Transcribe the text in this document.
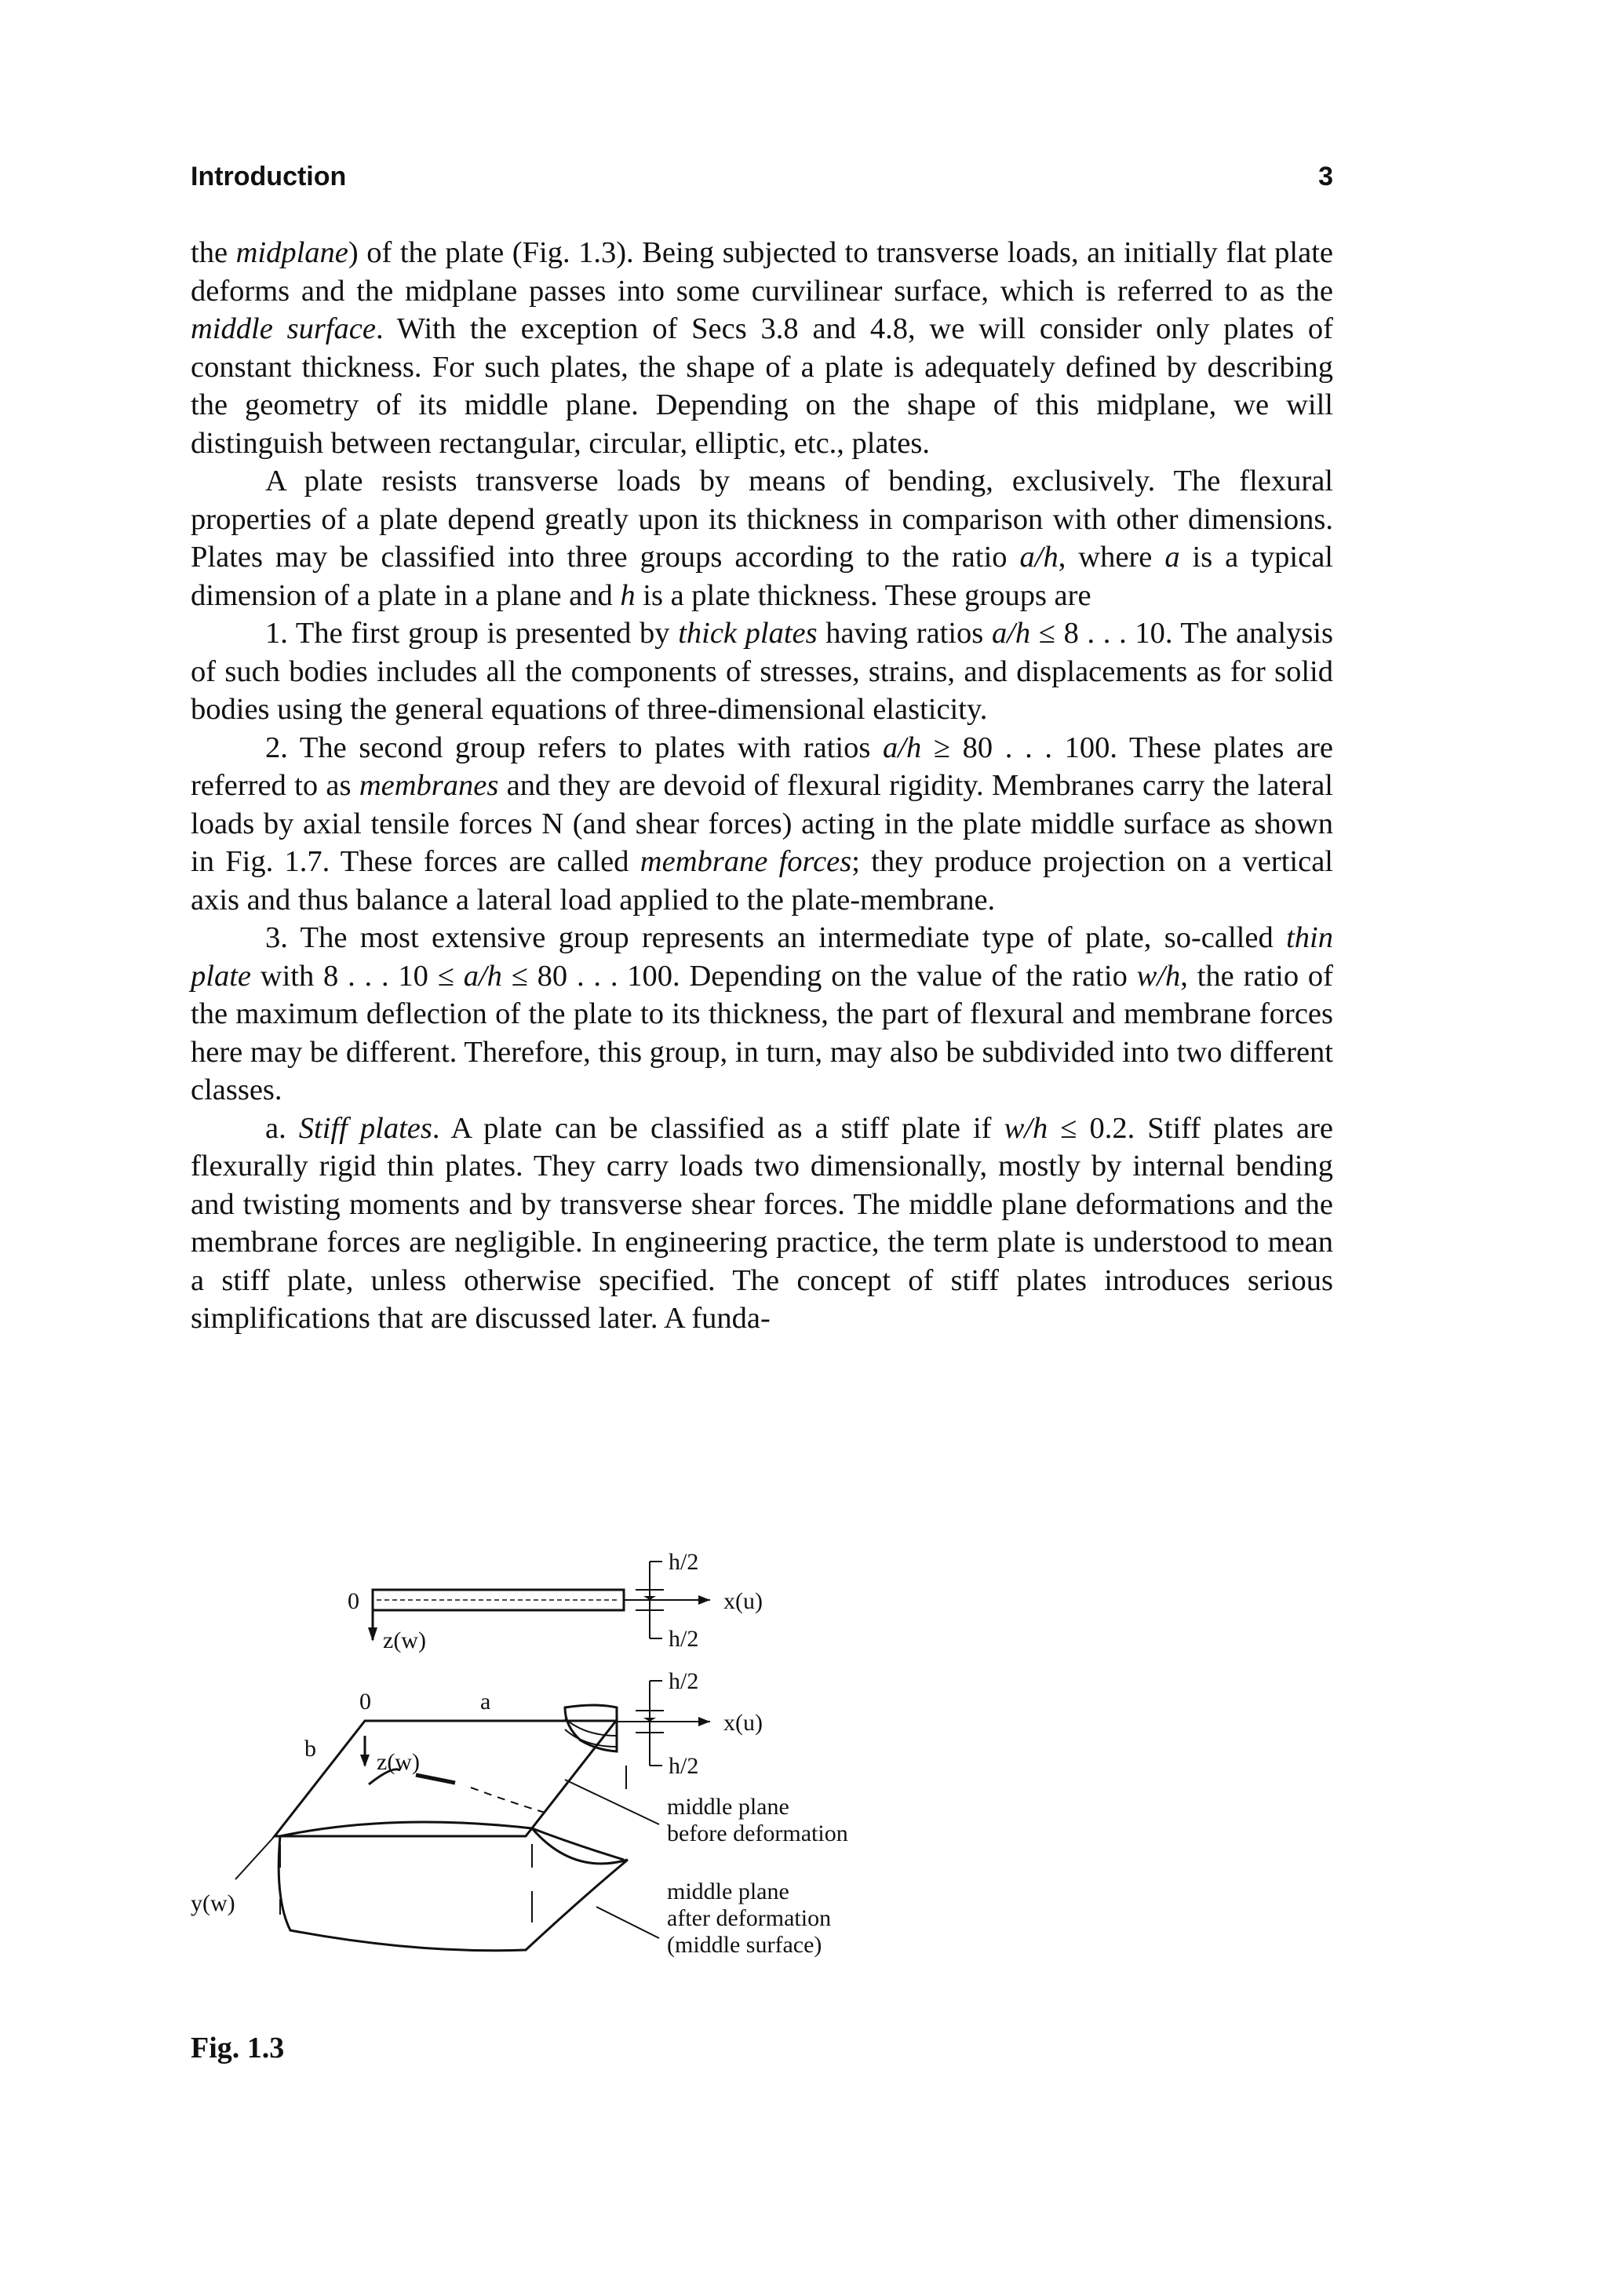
Introduction	3

the midplane) of the plate (Fig. 1.3). Being subjected to transverse loads, an initially flat plate deforms and the midplane passes into some curvilinear surface, which is referred to as the middle surface. With the exception of Secs 3.8 and 4.8, we will consider only plates of constant thickness. For such plates, the shape of a plate is adequately defined by describing the geometry of its middle plane. Depending on the shape of this midplane, we will distinguish between rectangular, circular, elliptic, etc., plates.

A plate resists transverse loads by means of bending, exclusively. The flexural properties of a plate depend greatly upon its thickness in comparison with other dimensions. Plates may be classified into three groups according to the ratio a/h, where a is a typical dimension of a plate in a plane and h is a plate thickness. These groups are

1. The first group is presented by thick plates having ratios a/h ≤ 8 . . . 10. The analysis of such bodies includes all the components of stresses, strains, and displacements as for solid bodies using the general equations of three-dimensional elasticity.

2. The second group refers to plates with ratios a/h ≥ 80 . . . 100. These plates are referred to as membranes and they are devoid of flexural rigidity. Membranes carry the lateral loads by axial tensile forces N (and shear forces) acting in the plate middle surface as shown in Fig. 1.7. These forces are called membrane forces; they produce projection on a vertical axis and thus balance a lateral load applied to the plate-membrane.

3. The most extensive group represents an intermediate type of plate, so-called thin plate with 8 . . . 10 ≤ a/h ≤ 80 . . . 100. Depending on the value of the ratio w/h, the ratio of the maximum deflection of the plate to its thickness, the part of flexural and membrane forces here may be different. Therefore, this group, in turn, may also be subdivided into two different classes.

a. Stiff plates. A plate can be classified as a stiff plate if w/h ≤ 0.2. Stiff plates are flexurally rigid thin plates. They carry loads two dimensionally, mostly by internal bending and twisting moments and by transverse shear forces. The middle plane deformations and the membrane forces are negligible. In engineering practice, the term plate is understood to mean a stiff plate, unless otherwise specified. The concept of stiff plates introduces serious simplifications that are discussed later. A funda-

0	x(u)
z(w)
h/2
h/2
0	a
b
z(w)
y(w)
x(u)
h/2
h/2
middle plane
before deformation
middle plane
after deformation
(middle surface)
Fig. 1.3
